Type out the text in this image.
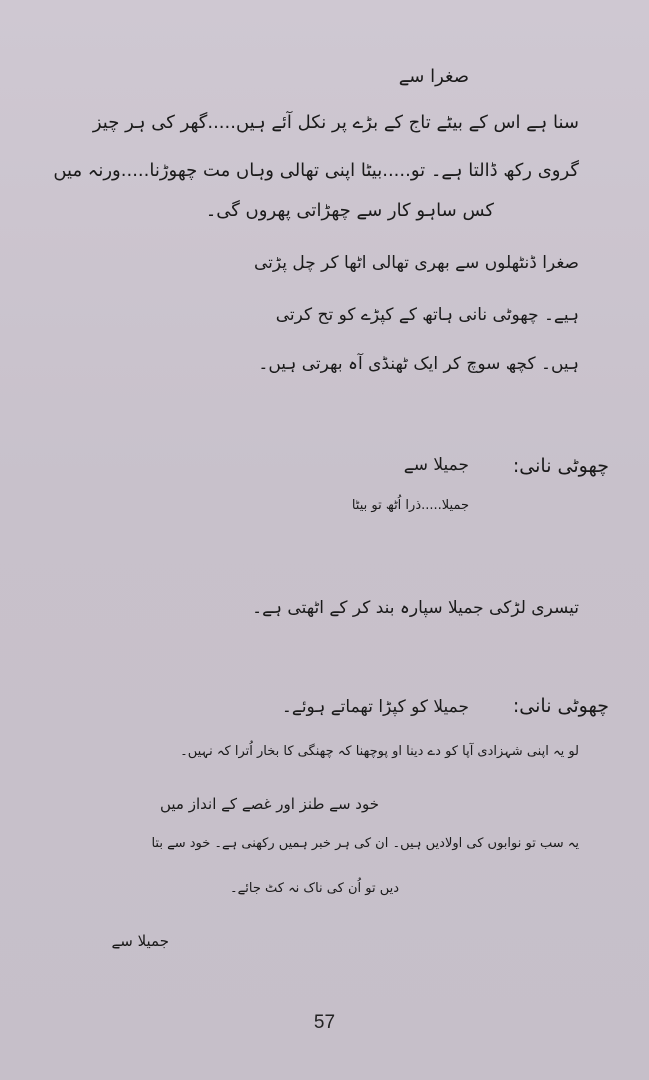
صغرا سے
سنا ہے اس کے بیٹے تاج کے بڑے پر نکل آئے ہیں.....گھر کی ہر چیز
گروی رکھ ڈالتا ہے۔ تو.....بیٹا اپنی تھالی وہاں مت چھوڑنا.....ورنہ میں
کس ساہو کار سے چھڑاتی پھروں گی۔
صغرا ڈنٹھلوں سے بھری تھالی اٹھا کر چل پڑتی
ہیے۔ چھوٹی نانی ہاتھ کے کپڑے کو تح کرتی
ہیں۔ کچھ سوچ کر ایک ٹھنڈی آہ بھرتی ہیں۔
چھوٹی نانی:
جمیلا سے
جمیلا.....ذرا اُٹھ تو بیٹا
تیسری لڑکی جمیلا سپارہ بند کر کے اٹھتی ہے۔
چھوٹی نانی:
جمیلا کو کپڑا تھماتے ہوئے۔
لو یہ اپنی شہزادی آپا کو دے دینا او پوچھنا کہ چھنگی کا بخار اُترا کہ نہیں۔
خود سے طنز اور غصے کے انداز میں
یہ سب تو نوابوں کی اولادیں ہیں۔ ان کی ہر خبر ہمیں رکھنی ہے۔ خود سے بتا
دیں تو اُن کی ناک نہ کٹ جائے۔
جمیلا سے
57
